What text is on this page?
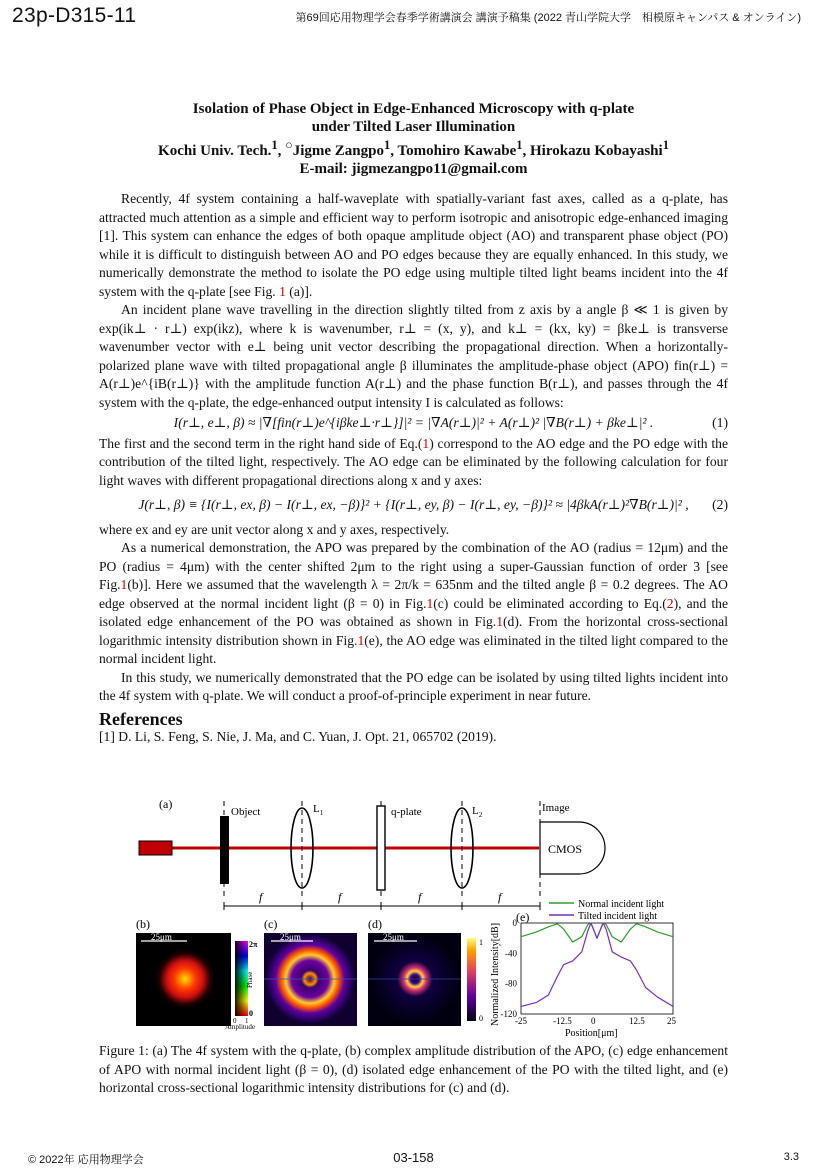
23p-D315-11	第69回応用物理学会春季学術講演会 講演予稿集 (2022 青山学院大学　相模原キャンパス & オンライン)
Isolation of Phase Object in Edge-Enhanced Microscopy with q-plate
under Tilted Laser Illumination
Kochi Univ. Tech.$^1$, ○Jigme Zangpo$^1$, Tomohiro Kawabe$^1$, Hirokazu Kobayashi$^1$
E-mail: jigmezangpo11@gmail.com

Recently, 4f system containing a half-waveplate with spatially-variant fast axes, called as a q-plate, has attracted much attention as a simple and efficient way to perform isotropic and anisotropic edge-enhanced imaging [1]. This system can enhance the edges of both opaque amplitude object (AO) and transparent phase object (PO) while it is difficult to distinguish between AO and PO edges because they are equally enhanced. In this study, we numerically demonstrate the method to isolate the PO edge using multiple tilted light beams incident into the 4f system with the q-plate [see Fig. 1 (a)].

An incident plane wave travelling in the direction slightly tilted from z axis by a angle β ≪ 1 is given by exp(ik⊥ · r⊥) exp(ikz), where k is wavenumber, r⊥ = (x, y), and k⊥ = (kx, ky) = βke⊥ is transverse wavenumber vector with e⊥ being unit vector describing the propagational direction. When a horizontally-polarized plane wave with tilted propagational angle β illuminates the amplitude-phase object (APO) fin(r⊥) = A(r⊥)e^{iB(r⊥)} with the amplitude function A(r⊥) and the phase function B(r⊥), and passes through the 4f system with the q-plate, the edge-enhanced output intensity I is calculated as follows:

I(r⊥, e⊥, β) ≈ |∇[fin(r⊥)e^{iβke⊥·r⊥}]|² = |∇A(r⊥)|² + A(r⊥)² |∇B(r⊥) + βke⊥|² .	(1)

The first and the second term in the right hand side of Eq.(1) correspond to the AO edge and the PO edge with the contribution of the tilted light, respectively. The AO edge can be eliminated by the following calculation for four light waves with different propagational directions along x and y axes:

J(r⊥, β) ≡ {I(r⊥, ex, β) − I(r⊥, ex, −β)}² + {I(r⊥, ey, β) − I(r⊥, ey, −β)}² ≈ |4βkA(r⊥)²∇B(r⊥)|² , (2)

where ex and ey are unit vector along x and y axes, respectively.

As a numerical demonstration, the APO was prepared by the combination of the AO (radius = 12μm) and the PO (radius = 4μm) with the center shifted 2μm to the right using a super-Gaussian function of order 3 [see Fig.1(b)]. Here we assumed that the wavelength λ = 2π/k = 635nm and the tilted angle β = 0.2 degrees. The AO edge observed at the normal incident light (β = 0) in Fig.1(c) could be eliminated according to Eq.(2), and the isolated edge enhancement of the PO was obtained as shown in Fig.1(d). From the horizontal cross-sectional logarithmic intensity distribution shown in Fig.1(e), the AO edge was eliminated in the tilted light compared to the normal incident light.

In this study, we numerically demonstrated that the PO edge can be isolated by using tilted lights incident into the 4f system with q-plate. We will conduct a proof-of-principle experiment in near future.

References

[1] D. Li, S. Feng, S. Nie, J. Ma, and C. Yuan, J. Opt. 21, 065702 (2019).

(a)
Object	$L_1$	q-plate	$L_2$
Image
CMOS
f	f	f	f
(b)
25μm
2π
0
Phase
0 1
Amplitude
(c)
25μm
(d)
25μm
1
0
(e)
Normalized Intensity[dB]
Position[μm]
-25	-12.5 0	12.5 25
0
-40
-80
-120
Normal incident light
Tilted incident light
Figure 1: (a) The 4f system with the q-plate, (b) complex amplitude distribution of the APO, (c) edge enhancement of APO with normal incident light (β = 0), (d) isolated edge enhancement of the PO with the tilted light, and (e) horizontal cross-sectional logarithmic intensity distributions for (c) and (d).
© 2022年 応用物理学会	03-158	3.3
